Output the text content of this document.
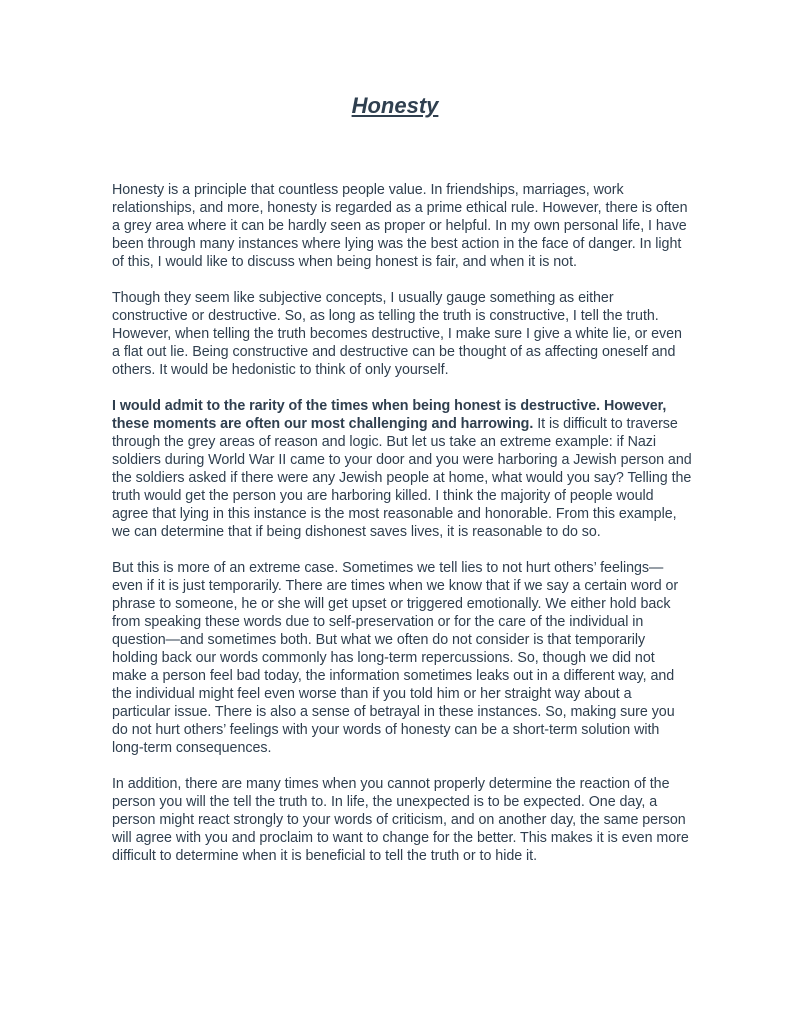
Honesty

Honesty is a principle that countless people value. In friendships, marriages, work relationships, and more, honesty is regarded as a prime ethical rule. However, there is often a grey area where it can be hardly seen as proper or helpful. In my own personal life, I have been through many instances where lying was the best action in the face of danger. In light of this, I would like to discuss when being honest is fair, and when it is not.

Though they seem like subjective concepts, I usually gauge something as either constructive or destructive. So, as long as telling the truth is constructive, I tell the truth. However, when telling the truth becomes destructive, I make sure I give a white lie, or even a flat out lie. Being constructive and destructive can be thought of as affecting oneself and others. It would be hedonistic to think of only yourself.

I would admit to the rarity of the times when being honest is destructive. However, these moments are often our most challenging and harrowing. It is difficult to traverse through the grey areas of reason and logic. But let us take an extreme example: if Nazi soldiers during World War II came to your door and you were harboring a Jewish person and the soldiers asked if there were any Jewish people at home, what would you say? Telling the truth would get the person you are harboring killed. I think the majority of people would agree that lying in this instance is the most reasonable and honorable. From this example, we can determine that if being dishonest saves lives, it is reasonable to do so.

But this is more of an extreme case. Sometimes we tell lies to not hurt others’ feelings—even if it is just temporarily. There are times when we know that if we say a certain word or phrase to someone, he or she will get upset or triggered emotionally. We either hold back from speaking these words due to self-preservation or for the care of the individual in question—and sometimes both. But what we often do not consider is that temporarily holding back our words commonly has long-term repercussions. So, though we did not make a person feel bad today, the information sometimes leaks out in a different way, and the individual might feel even worse than if you told him or her straight way about a particular issue. There is also a sense of betrayal in these instances. So, making sure you do not hurt others’ feelings with your words of honesty can be a short-term solution with long-term consequences.

In addition, there are many times when you cannot properly determine the reaction of the person you will the tell the truth to. In life, the unexpected is to be expected. One day, a person might react strongly to your words of criticism, and on another day, the same person will agree with you and proclaim to want to change for the better. This makes it is even more difficult to determine when it is beneficial to tell the truth or to hide it.
